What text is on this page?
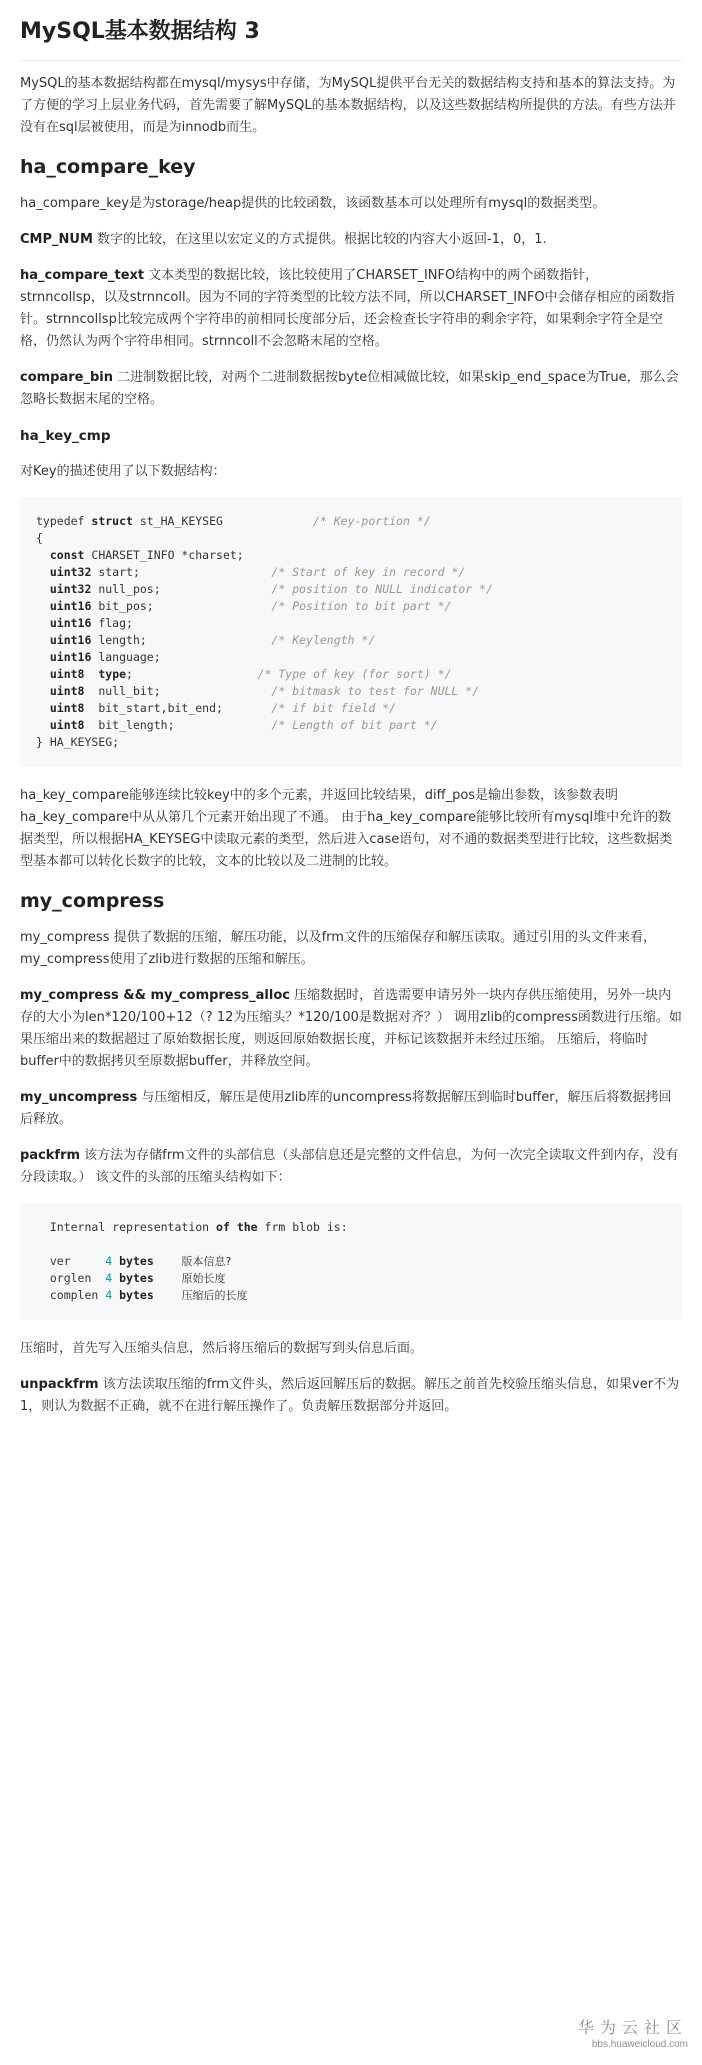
MySQL基本数据结构 3

MySQL的基本数据结构都在mysql/mysys中存储，为MySQL提供平台无关的数据结构支持和基本的算法支持。为了方便的学习上层业务代码，首先需要了解MySQL的基本数据结构，以及这些数据结构所提供的方法。有些方法并没有在sql层被使用，而是为innodb而生。

ha_compare_key

ha_compare_key是为storage/heap提供的比较函数，该函数基本可以处理所有mysql的数据类型。

CMP_NUM 数字的比较，在这里以宏定义的方式提供。根据比较的内容大小返回-1，0，1.

ha_compare_text 文本类型的数据比较，该比较使用了CHARSET_INFO结构中的两个函数指针，strnncollsp，以及strnncoll。因为不同的字符类型的比较方法不同，所以CHARSET_INFO中会储存相应的函数指针。strnncollsp比较完成两个字符串的前相同长度部分后，还会检查长字符串的剩余字符，如果剩余字符全是空格，仍然认为两个字符串相同。strnncoll不会忽略末尾的空格。

compare_bin 二进制数据比较，对两个二进制数据按byte位相减做比较，如果skip_end_space为True，那么会忽略长数据末尾的空格。

ha_key_cmp

对Key的描述使用了以下数据结构：

typedef struct st_HA_KEYSEG             /* Key-portion */
{
const CHARSET_INFO *charset;
uint32 start;                   /* Start of key in record */
uint32 null_pos;                /* position to NULL indicator */
uint16 bit_pos;                 /* Position to bit part */
uint16 flag;
uint16 length;                  /* Keylength */
uint16 language;
uint8 type;                  /* Type of key (for sort) */
uint8  null_bit;                /* bitmask to test for NULL */
uint8  bit_start,bit_end;       /* if bit field */
uint8  bit_length;              /* Length of bit part */
} HA_KEYSEG;

ha_key_compare能够连续比较key中的多个元素，并返回比较结果，diff_pos是输出参数，该参数表明ha_key_compare中从从第几个元素开始出现了不通。 由于ha_key_compare能够比较所有mysql堆中允许的数据类型，所以根据HA_KEYSEG中读取元素的类型，然后进入case语句，对不通的数据类型进行比较，这些数据类型基本都可以转化长数字的比较，文本的比较以及二进制的比较。

my_compress

my_compress 提供了数据的压缩，解压功能，以及frm文件的压缩保存和解压读取。通过引用的头文件来看，my_compress使用了zlib进行数据的压缩和解压。

my_compress && my_compress_alloc 压缩数据时，首选需要申请另外一块内存供压缩使用，另外一块内存的大小为len*120/100+12（? 12为压缩头？*120/100是数据对齐？） 调用zlib的compress函数进行压缩。如果压缩出来的数据超过了原始数据长度，则返回原始数据长度，并标记该数据并未经过压缩。 压缩后，将临时buffer中的数据拷贝至原数据buffer，并释放空间。

my_uncompress 与压缩相反，解压是使用zlib库的uncompress将数据解压到临时buffer，解压后将数据拷回后释放。

packfrm 该方法为存储frm文件的头部信息（头部信息还是完整的文件信息，为何一次完全读取文件到内存，没有分段读取。） 该文件的头部的压缩头结构如下：

Internal representation of the frm blob is:

ver     4 bytes	版本信息?
orglen  4 bytes	原始长度
complen 4 bytes	压缩后的长度

压缩时，首先写入压缩头信息，然后将压缩后的数据写到头信息后面。

unpackfrm 该方法读取压缩的frm文件头，然后返回解压后的数据。解压之前首先校验压缩头信息，如果ver不为1，则认为数据不正确，就不在进行解压操作了。负责解压数据部分并返回。

华为云社区
bbs.huaweicloud.com
